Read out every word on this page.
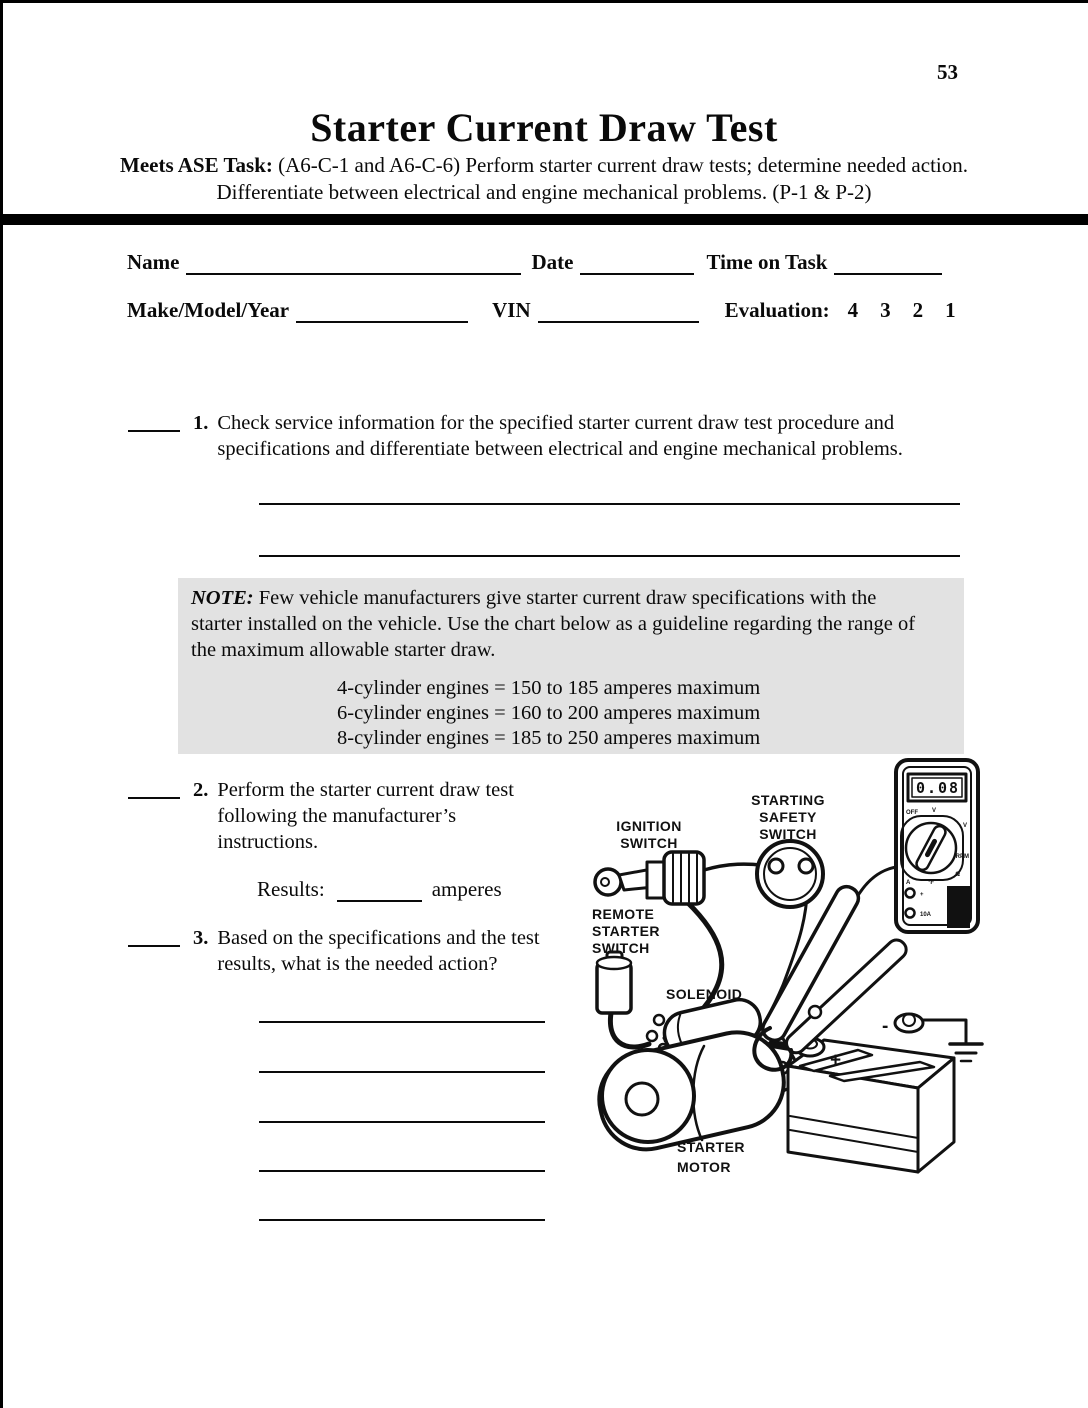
53
Starter Current Draw Test
Meets ASE Task: (A6-C-1 and A6-C-6) Perform starter current draw tests; determine needed action. Differentiate between electrical and engine mechanical problems. (P-1 & P-2)
Name	Date	Time on Task
Make/Model/Year	VIN	Evaluation: 4 3 2 1
1. Check service information for the specified starter current draw test procedure and specifications and differentiate between electrical and engine mechanical problems.
NOTE: Few vehicle manufacturers give starter current draw specifications with the
starter installed on the vehicle. Use the chart below as a guideline regarding the range of
the maximum allowable starter draw.
4-cylinder engines = 150 to 185 amperes maximum
6-cylinder engines = 160 to 200 amperes maximum
8-cylinder engines = 185 to 250 amperes maximum
2. Perform the starter current draw test following the manufacturer’s instructions.
Results:	amperes
3. Based on the specifications and the test results, what is the needed action?
0.08
OFF V
V
RPM
Ω
A	°F
+
10A
IGNITION
SWITCH
STARTING
SAFETY
SWITCH
REMOTE
STARTER
SWITCH
SOLENOID
STARTER
MOTOR
+
-
